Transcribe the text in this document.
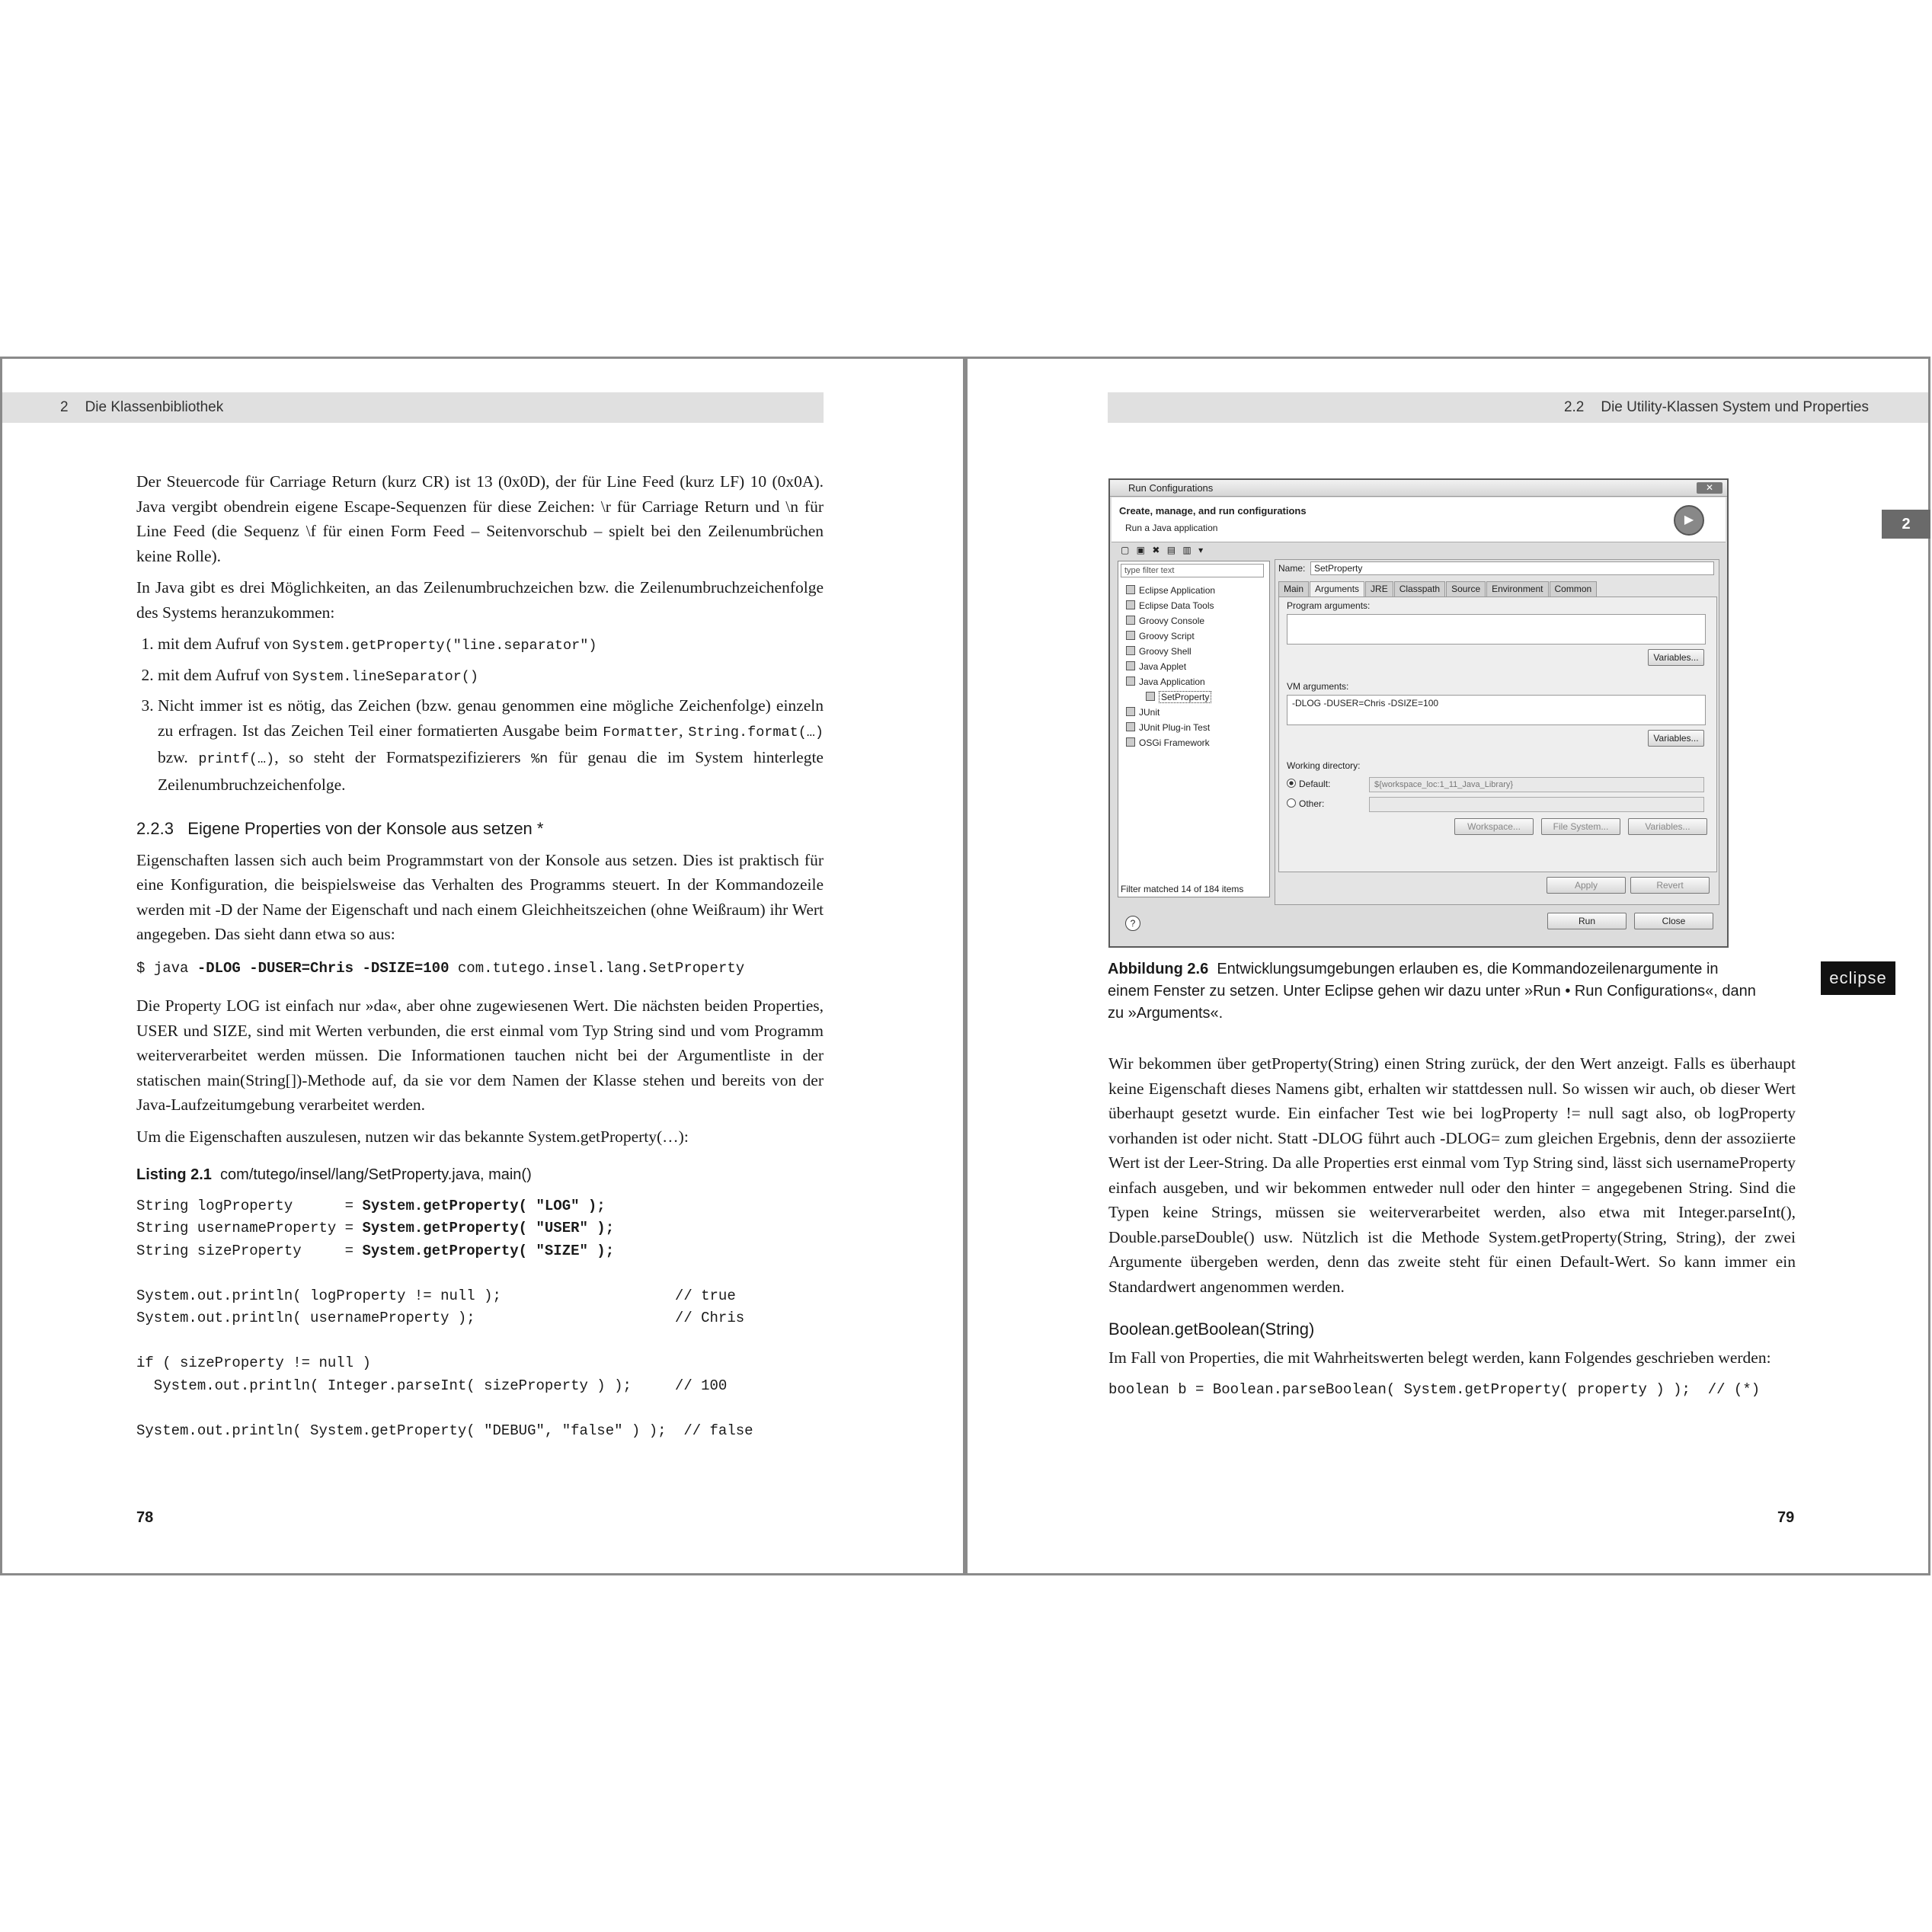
2 Die Klassenbibliothek
78

Der Steuercode für Carriage Return (kurz CR) ist 13 (0x0D), der für Line Feed (kurz LF) 10 (0x0A). Java vergibt obendrein eigene Escape-Sequenzen für diese Zeichen: \r für Carriage Return und \n für Line Feed (die Sequenz \f für einen Form Feed – Seitenvorschub – spielt bei den Zeilenumbrüchen keine Rolle).

In Java gibt es drei Möglichkeiten, an das Zeilenumbruchzeichen bzw. die Zeilenumbruchzeichenfolge des Systems heranzukommen:

1. mit dem Aufruf von System.getProperty("line.separator")
2. mit dem Aufruf von System.lineSeparator()
3. Nicht immer ist es nötig, das Zeichen (bzw. genau genommen eine mögliche Zeichenfolge) einzeln zu erfragen. Ist das Zeichen Teil einer formatierten Ausgabe beim Formatter, String.format(…) bzw. printf(…), so steht der Formatspezifizierers %n für genau die im System hinterlegte Zeilenumbruchzeichenfolge.
2.2.3 Eigene Properties von der Konsole aus setzen *

Eigenschaften lassen sich auch beim Programmstart von der Konsole aus setzen. Dies ist praktisch für eine Konfiguration, die beispielsweise das Verhalten des Programms steuert. In der Kommandozeile werden mit -D der Name der Eigenschaft und nach einem Gleichheitszeichen (ohne Weißraum) ihr Wert angegeben. Das sieht dann etwa so aus:

$ java -DLOG -DUSER=Chris -DSIZE=100 com.tutego.insel.lang.SetProperty

Die Property LOG ist einfach nur »da«, aber ohne zugewiesenen Wert. Die nächsten beiden Properties, USER und SIZE, sind mit Werten verbunden, die erst einmal vom Typ String sind und vom Programm weiterverarbeitet werden müssen. Die Informationen tauchen nicht bei der Argumentliste in der statischen main(String[])-Methode auf, da sie vor dem Namen der Klasse stehen und bereits von der Java-Laufzeitumgebung verarbeitet werden.

Um die Eigenschaften auszulesen, nutzen wir das bekannte System.getProperty(…):

Listing 2.1 com/tutego/insel/lang/SetProperty.java, main()
String logProperty      = System.getProperty( "LOG" );
String usernameProperty = System.getProperty( "USER" );
String sizeProperty     = System.getProperty( "SIZE" );

System.out.println( logProperty != null );                    // true
System.out.println( usernameProperty );                       // Chris

if ( sizeProperty != null )
System.out.println( Integer.parseInt( sizeProperty ) );     // 100

System.out.println( System.getProperty( "DEBUG", "false" ) );  // false
2.2 Die Utility-Klassen System und Properties
79
2
eclipse
Run Configurations	✕
Create, manage, and run configurations
Run a Java application
▶
▢ ▣ ✖ ▤ ▥ ▾
type filter text
Eclipse Application
Eclipse Data Tools
Groovy Console
Groovy Script
Groovy Shell
Java Applet
Java Application
SetProperty
JUnit
JUnit Plug-in Test
OSGi Framework
Filter matched 14 of 184 items
Name: SetProperty
Main	Arguments	JRE	Classpath	Source	Environment	Common
Program arguments:
Variables...
VM arguments:
-DLOG -DUSER=Chris -DSIZE=100
Variables...
Working directory:
Default:	${workspace_loc:1_11_Java_Library}
Other:
Workspace...	File System...	Variables...
Apply	Revert
?	Run	Close
Abbildung 2.6 Entwicklungsumgebungen erlauben es, die Kommandozeilenargumente in einem Fenster zu setzen. Unter Eclipse gehen wir dazu unter »Run • Run Configurations«, dann zu »Arguments«.

Wir bekommen über getProperty(String) einen String zurück, der den Wert anzeigt. Falls es überhaupt keine Eigenschaft dieses Namens gibt, erhalten wir stattdessen null. So wissen wir auch, ob dieser Wert überhaupt gesetzt wurde. Ein einfacher Test wie bei logProperty != null sagt also, ob logProperty vorhanden ist oder nicht. Statt -DLOG führt auch -DLOG= zum gleichen Ergebnis, denn der assoziierte Wert ist der Leer-String. Da alle Properties erst einmal vom Typ String sind, lässt sich usernameProperty einfach ausgeben, und wir bekommen entweder null oder den hinter = angegebenen String. Sind die Typen keine Strings, müssen sie weiterverarbeitet werden, also etwa mit Integer.parseInt(), Double.parseDouble() usw. Nützlich ist die Methode System.getProperty(String, String), der zwei Argumente übergeben werden, denn das zweite steht für einen Default-Wert. So kann immer ein Standardwert angenommen werden.

Boolean.getBoolean(String)

Im Fall von Properties, die mit Wahrheitswerten belegt werden, kann Folgendes geschrieben werden:

boolean b = Boolean.parseBoolean( System.getProperty( property ) );  // (*)
